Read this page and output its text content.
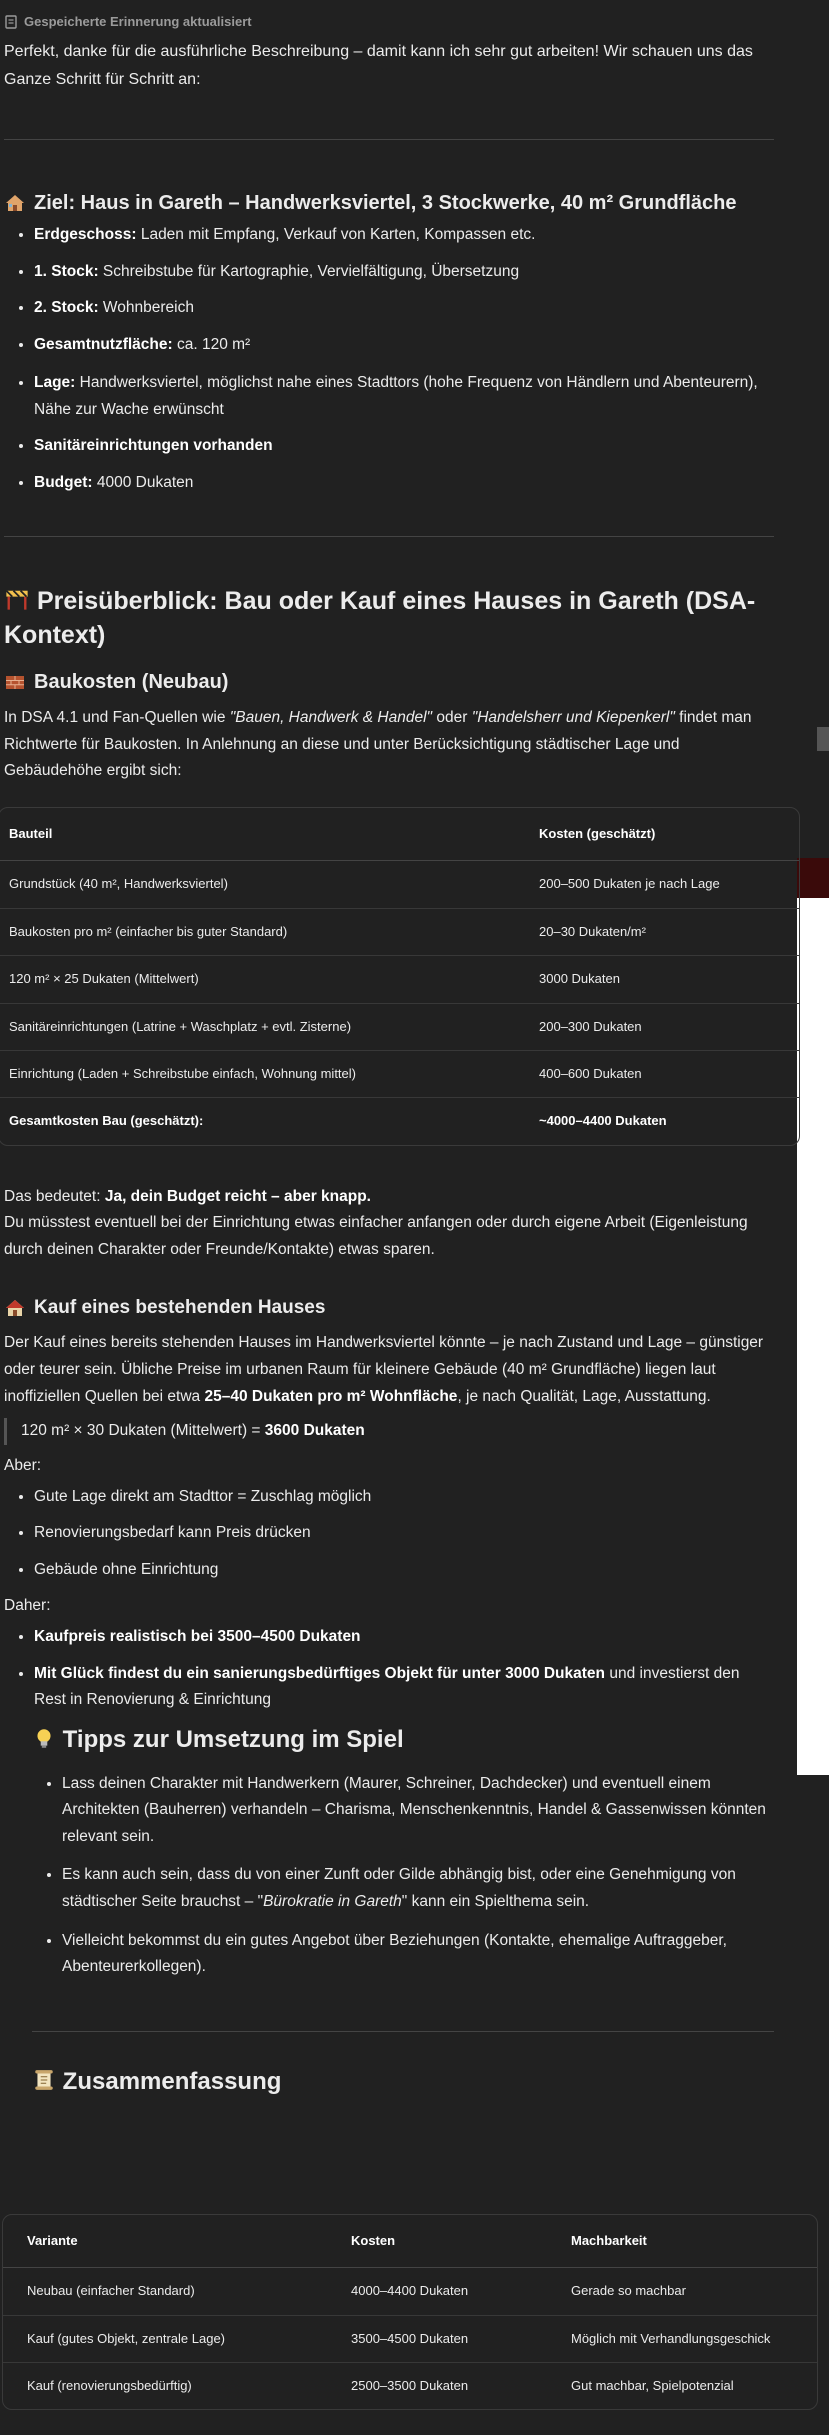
Gespeicherte Erinnerung aktualisiert

Perfekt, danke für die ausführliche Beschreibung – damit kann ich sehr gut arbeiten! Wir schauen uns das Ganze Schritt für Schritt an:

Ziel: Haus in Gareth – Handwerksviertel, 3 Stockwerke, 40 m² Grundfläche
• Erdgeschoss: Laden mit Empfang, Verkauf von Karten, Kompassen etc.
• 1. Stock: Schreibstube für Kartographie, Vervielfältigung, Übersetzung
• 2. Stock: Wohnbereich
• Gesamtnutzfläche: ca. 120 m²
• Lage: Handwerksviertel, möglichst nahe eines Stadttors (hohe Frequenz von Händlern und Abenteurern), Nähe zur Wache erwünscht
• Sanitäreinrichtungen vorhanden
• Budget: 4000 Dukaten
Preisüberblick: Bau oder Kauf eines Hauses in Gareth (DSA-Kontext)
Baukosten (Neubau)

In DSA 4.1 und Fan-Quellen wie "Bauen, Handwerk & Handel" oder "Handelsherr und Kiepenkerl" findet man Richtwerte für Baukosten. In Anlehnung an diese und unter Berücksichtigung städtischer Lage und Gebäudehöhe ergibt sich:

Bauteil	Kosten (geschätzt)
Grundstück (40 m², Handwerksviertel)	200–500 Dukaten je nach Lage
Baukosten pro m² (einfacher bis guter Standard)	20–30 Dukaten/m²
120 m² × 25 Dukaten (Mittelwert)	3000 Dukaten
Sanitäreinrichtungen (Latrine + Waschplatz + evtl. Zisterne)	200–300 Dukaten
Einrichtung (Laden + Schreibstube einfach, Wohnung mittel)	400–600 Dukaten
Gesamtkosten Bau (geschätzt):	~4000–4400 Dukaten

Das bedeutet: Ja, dein Budget reicht – aber knapp.
Du müsstest eventuell bei der Einrichtung etwas einfacher anfangen oder durch eigene Arbeit (Eigenleistung durch deinen Charakter oder Freunde/Kontakte) etwas sparen.

Kauf eines bestehenden Hauses

Der Kauf eines bereits stehenden Hauses im Handwerksviertel könnte – je nach Zustand und Lage – günstiger oder teurer sein. Übliche Preise im urbanen Raum für kleinere Gebäude (40 m² Grundfläche) liegen laut inoffiziellen Quellen bei etwa 25–40 Dukaten pro m² Wohnfläche, je nach Qualität, Lage, Ausstattung.

120 m² × 30 Dukaten (Mittelwert) = 3600 Dukaten

Aber:

• Gute Lage direkt am Stadttor = Zuschlag möglich
• Renovierungsbedarf kann Preis drücken
• Gebäude ohne Einrichtung

Daher:

• Kaufpreis realistisch bei 3500–4500 Dukaten
• Mit Glück findest du ein sanierungsbedürftiges Objekt für unter 3000 Dukaten und investierst den Rest in Renovierung & Einrichtung
Tipps zur Umsetzung im Spiel
• Lass deinen Charakter mit Handwerkern (Maurer, Schreiner, Dachdecker) und eventuell einem Architekten (Bauherren) verhandeln – Charisma, Menschenkenntnis, Handel & Gassenwissen könnten relevant sein.
• Es kann auch sein, dass du von einer Zunft oder Gilde abhängig bist, oder eine Genehmigung von städtischer Seite brauchst – "Bürokratie in Gareth" kann ein Spielthema sein.
• Vielleicht bekommst du ein gutes Angebot über Beziehungen (Kontakte, ehemalige Auftraggeber, Abenteurerkollegen).
Zusammenfassung
Variante	Kosten	Machbarkeit
Neubau (einfacher Standard)	4000–4400 Dukaten	Gerade so machbar
Kauf (gutes Objekt, zentrale Lage)	3500–4500 Dukaten	Möglich mit Verhandlungsgeschick
Kauf (renovierungsbedürftig)	2500–3500 Dukaten	Gut machbar, Spielpotenzial
